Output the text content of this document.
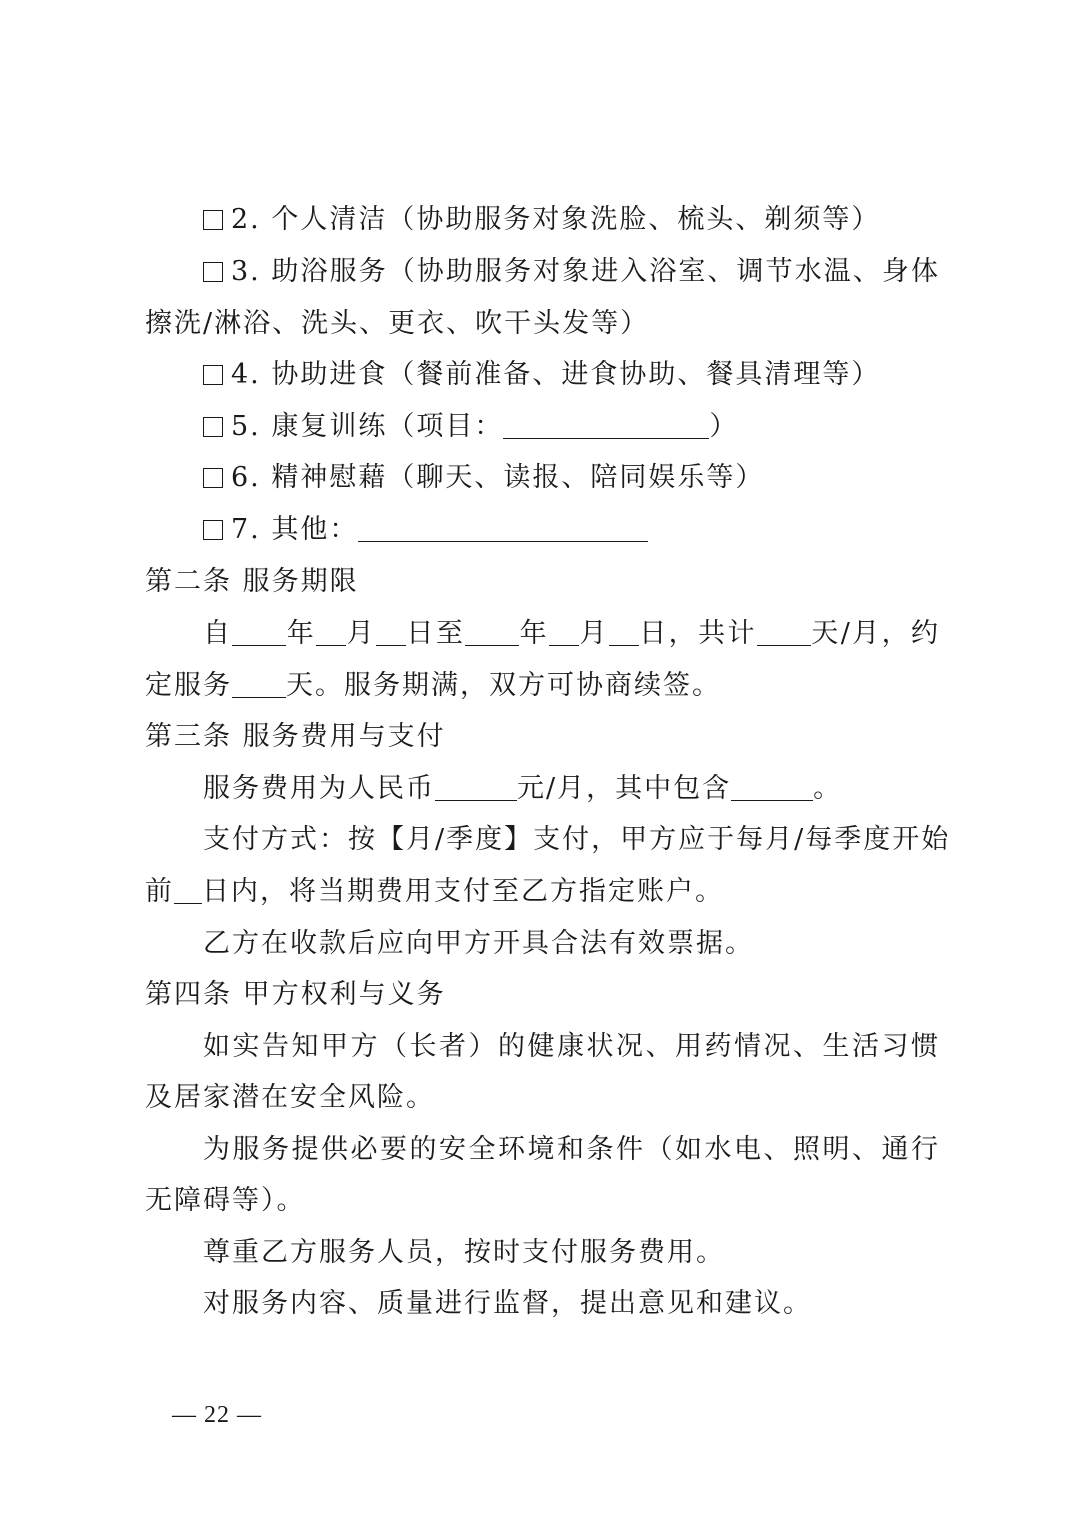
2. 个人清洁（协助服务对象洗脸、梳头、剃须等）
3. 助浴服务（协助服务对象进入浴室、调节水温、身体
擦洗/淋浴、洗头、更衣、吹干头发等）
4. 协助进食（餐前准备、进食协助、餐具清理等）
5. 康复训练（项目：	）
6. 精神慰藉（聊天、读报、陪同娱乐等）
7. 其他：
第二条 服务期限
自 年 月 日至 年 月 日，共计 天/月，约
定服务 天。服务期满，双方可协商续签。
第三条 服务费用与支付
服务费用为人民币	元/月，其中包含	。
支付方式：按【月/季度】支付，甲方应于每月/每季度开始
前 日内，将当期费用支付至乙方指定账户。
乙方在收款后应向甲方开具合法有效票据。
第四条 甲方权利与义务
如实告知甲方（长者）的健康状况、用药情况、生活习惯
及居家潜在安全风险。
为服务提供必要的安全环境和条件（如水电、照明、通行
无障碍等）。
尊重乙方服务人员，按时支付服务费用。
对服务内容、质量进行监督，提出意见和建议。
— 22 —
